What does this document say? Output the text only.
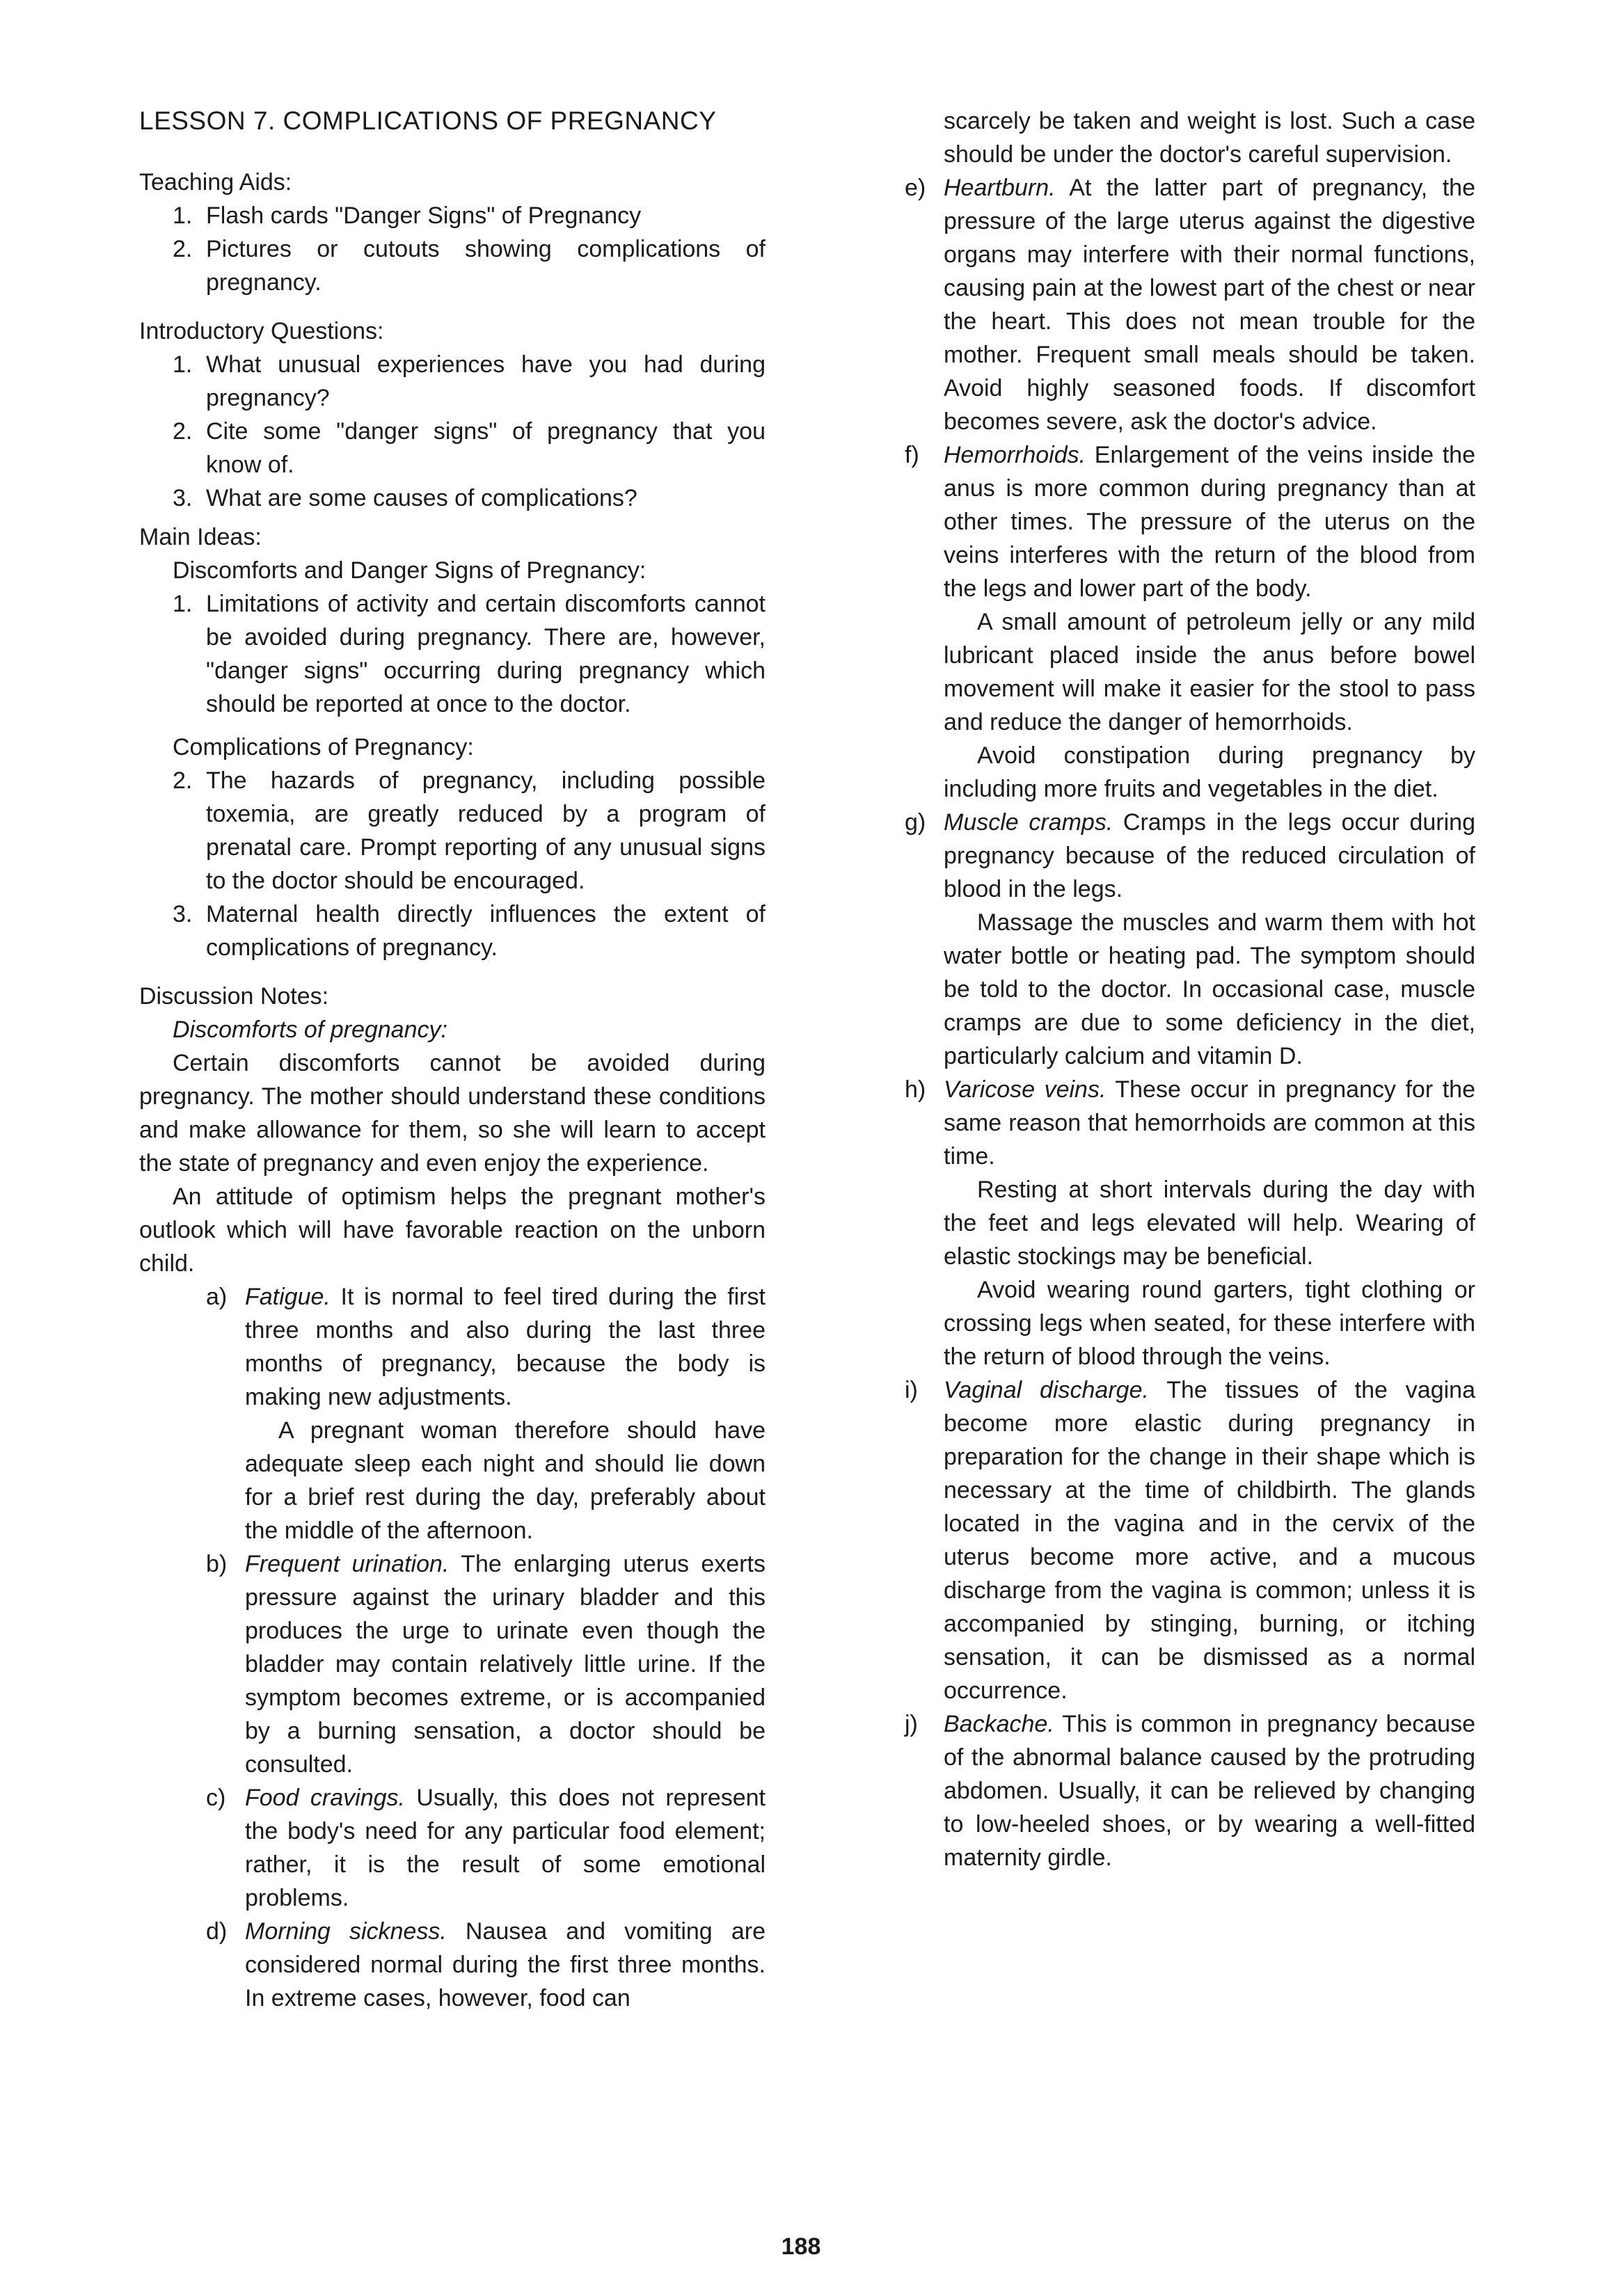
LESSON 7. COMPLICATIONS OF PREGNANCY
Teaching Aids:
1. Flash cards "Danger Signs" of Pregnancy
2. Pictures or cutouts showing complications of pregnancy.
Introductory Questions:
1. What unusual experiences have you had during pregnancy?
2. Cite some "danger signs" of pregnancy that you know of.
3. What are some causes of complications?
Main Ideas:
Discomforts and Danger Signs of Pregnancy:
1. Limitations of activity and certain discomforts cannot be avoided during pregnancy. There are, however, "danger signs" occurring during pregnancy which should be reported at once to the doctor.
Complications of Pregnancy:
2. The hazards of pregnancy, including possible toxemia, are greatly reduced by a program of prenatal care. Prompt reporting of any unusual signs to the doctor should be encouraged.
3. Maternal health directly influences the extent of complications of pregnancy.
Discussion Notes:
Discomforts of pregnancy:

Certain discomforts cannot be avoided during pregnancy. The mother should understand these conditions and make allowance for them, so she will learn to accept the state of pregnancy and even enjoy the experience.

An attitude of optimism helps the pregnant mother's outlook which will have favorable reaction on the unborn child.

a) Fatigue. It is normal to feel tired during the first three months and also during the last three months of pregnancy, because the body is making new adjustments.

A pregnant woman therefore should have adequate sleep each night and should lie down for a brief rest during the day, preferably about the middle of the afternoon.

b) Frequent urination. The enlarging uterus exerts pressure against the urinary bladder and this produces the urge to urinate even though the bladder may contain relatively little urine. If the symptom becomes extreme, or is accompanied by a burning sensation, a doctor should be consulted.
c) Food cravings. Usually, this does not represent the body's need for any particular food element; rather, it is the result of some emotional problems.
d) Morning sickness. Nausea and vomiting are considered normal during the first three months. In extreme cases, however, food can

scarcely be taken and weight is lost. Such a case should be under the doctor's careful supervision.

e) Heartburn. At the latter part of pregnancy, the pressure of the large uterus against the digestive organs may interfere with their normal functions, causing pain at the lowest part of the chest or near the heart. This does not mean trouble for the mother. Frequent small meals should be taken. Avoid highly seasoned foods. If discomfort becomes severe, ask the doctor's advice.
f) Hemorrhoids. Enlargement of the veins inside the anus is more common during pregnancy than at other times. The pressure of the uterus on the veins interferes with the return of the blood from the legs and lower part of the body.

A small amount of petroleum jelly or any mild lubricant placed inside the anus before bowel movement will make it easier for the stool to pass and reduce the danger of hemorrhoids.

Avoid constipation during pregnancy by including more fruits and vegetables in the diet.

g) Muscle cramps. Cramps in the legs occur during pregnancy because of the reduced circulation of blood in the legs.

Massage the muscles and warm them with hot water bottle or heating pad. The symptom should be told to the doctor. In occasional case, muscle cramps are due to some deficiency in the diet, particularly calcium and vitamin D.

h) Varicose veins. These occur in pregnancy for the same reason that hemorrhoids are common at this time.

Resting at short intervals during the day with the feet and legs elevated will help. Wearing of elastic stockings may be beneficial.

Avoid wearing round garters, tight clothing or crossing legs when seated, for these interfere with the return of blood through the veins.

i) Vaginal discharge. The tissues of the vagina become more elastic during pregnancy in preparation for the change in their shape which is necessary at the time of childbirth. The glands located in the vagina and in the cervix of the uterus become more active, and a mucous discharge from the vagina is common; unless it is accompanied by stinging, burning, or itching sensation, it can be dismissed as a normal occurrence.
j) Backache. This is common in pregnancy because of the abnormal balance caused by the protruding abdomen. Usually, it can be relieved by changing to low-heeled shoes, or by wearing a well-fitted maternity girdle.
188
